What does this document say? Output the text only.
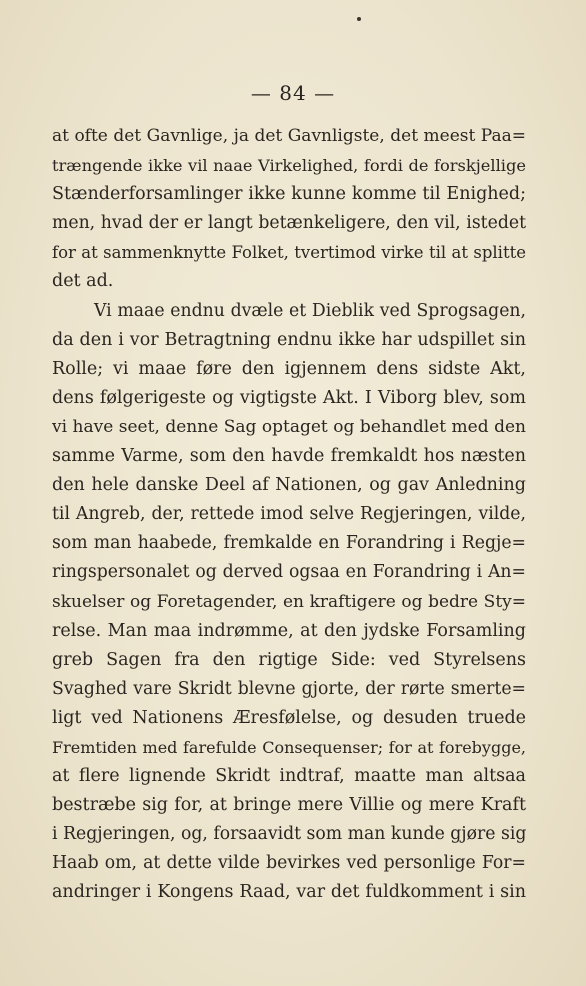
— 84 —
at ofte det Gavnlige, ja det Gavnligste, det meest Paa=
trængende ikke vil naae Virkelighed, fordi de forskjellige
Stænderforsamlinger ikke kunne komme til Enighed;
men, hvad der er langt betænkeligere, den vil, istedet
for at sammenknytte Folket, tvertimod virke til at splitte
det ad.
Vi maae endnu dvæle et Dieblik ved Sprogsagen,
da den i vor Betragtning endnu ikke har udspillet sin
Rolle; vi maae føre den igjennem dens sidste Akt,
dens følgerigeste og vigtigste Akt. I Viborg blev, som
vi have seet, denne Sag optaget og behandlet med den
samme Varme, som den havde fremkaldt hos næsten
den hele danske Deel af Nationen, og gav Anledning
til Angreb, der, rettede imod selve Regjeringen, vilde,
som man haabede, fremkalde en Forandring i Regje=
ringspersonalet og derved ogsaa en Forandring i An=
skuelser og Foretagender, en kraftigere og bedre Sty=
relse. Man maa indrømme, at den jydske Forsamling
greb Sagen fra den rigtige Side: ved Styrelsens
Svaghed vare Skridt blevne gjorte, der rørte smerte=
ligt ved Nationens Æresfølelse, og desuden truede
Fremtiden med farefulde Consequenser; for at forebygge,
at flere lignende Skridt indtraf, maatte man altsaa
bestræbe sig for, at bringe mere Villie og mere Kraft
i Regjeringen, og, forsaavidt som man kunde gjøre sig
Haab om, at dette vilde bevirkes ved personlige For=
andringer i Kongens Raad, var det fuldkomment i sin
